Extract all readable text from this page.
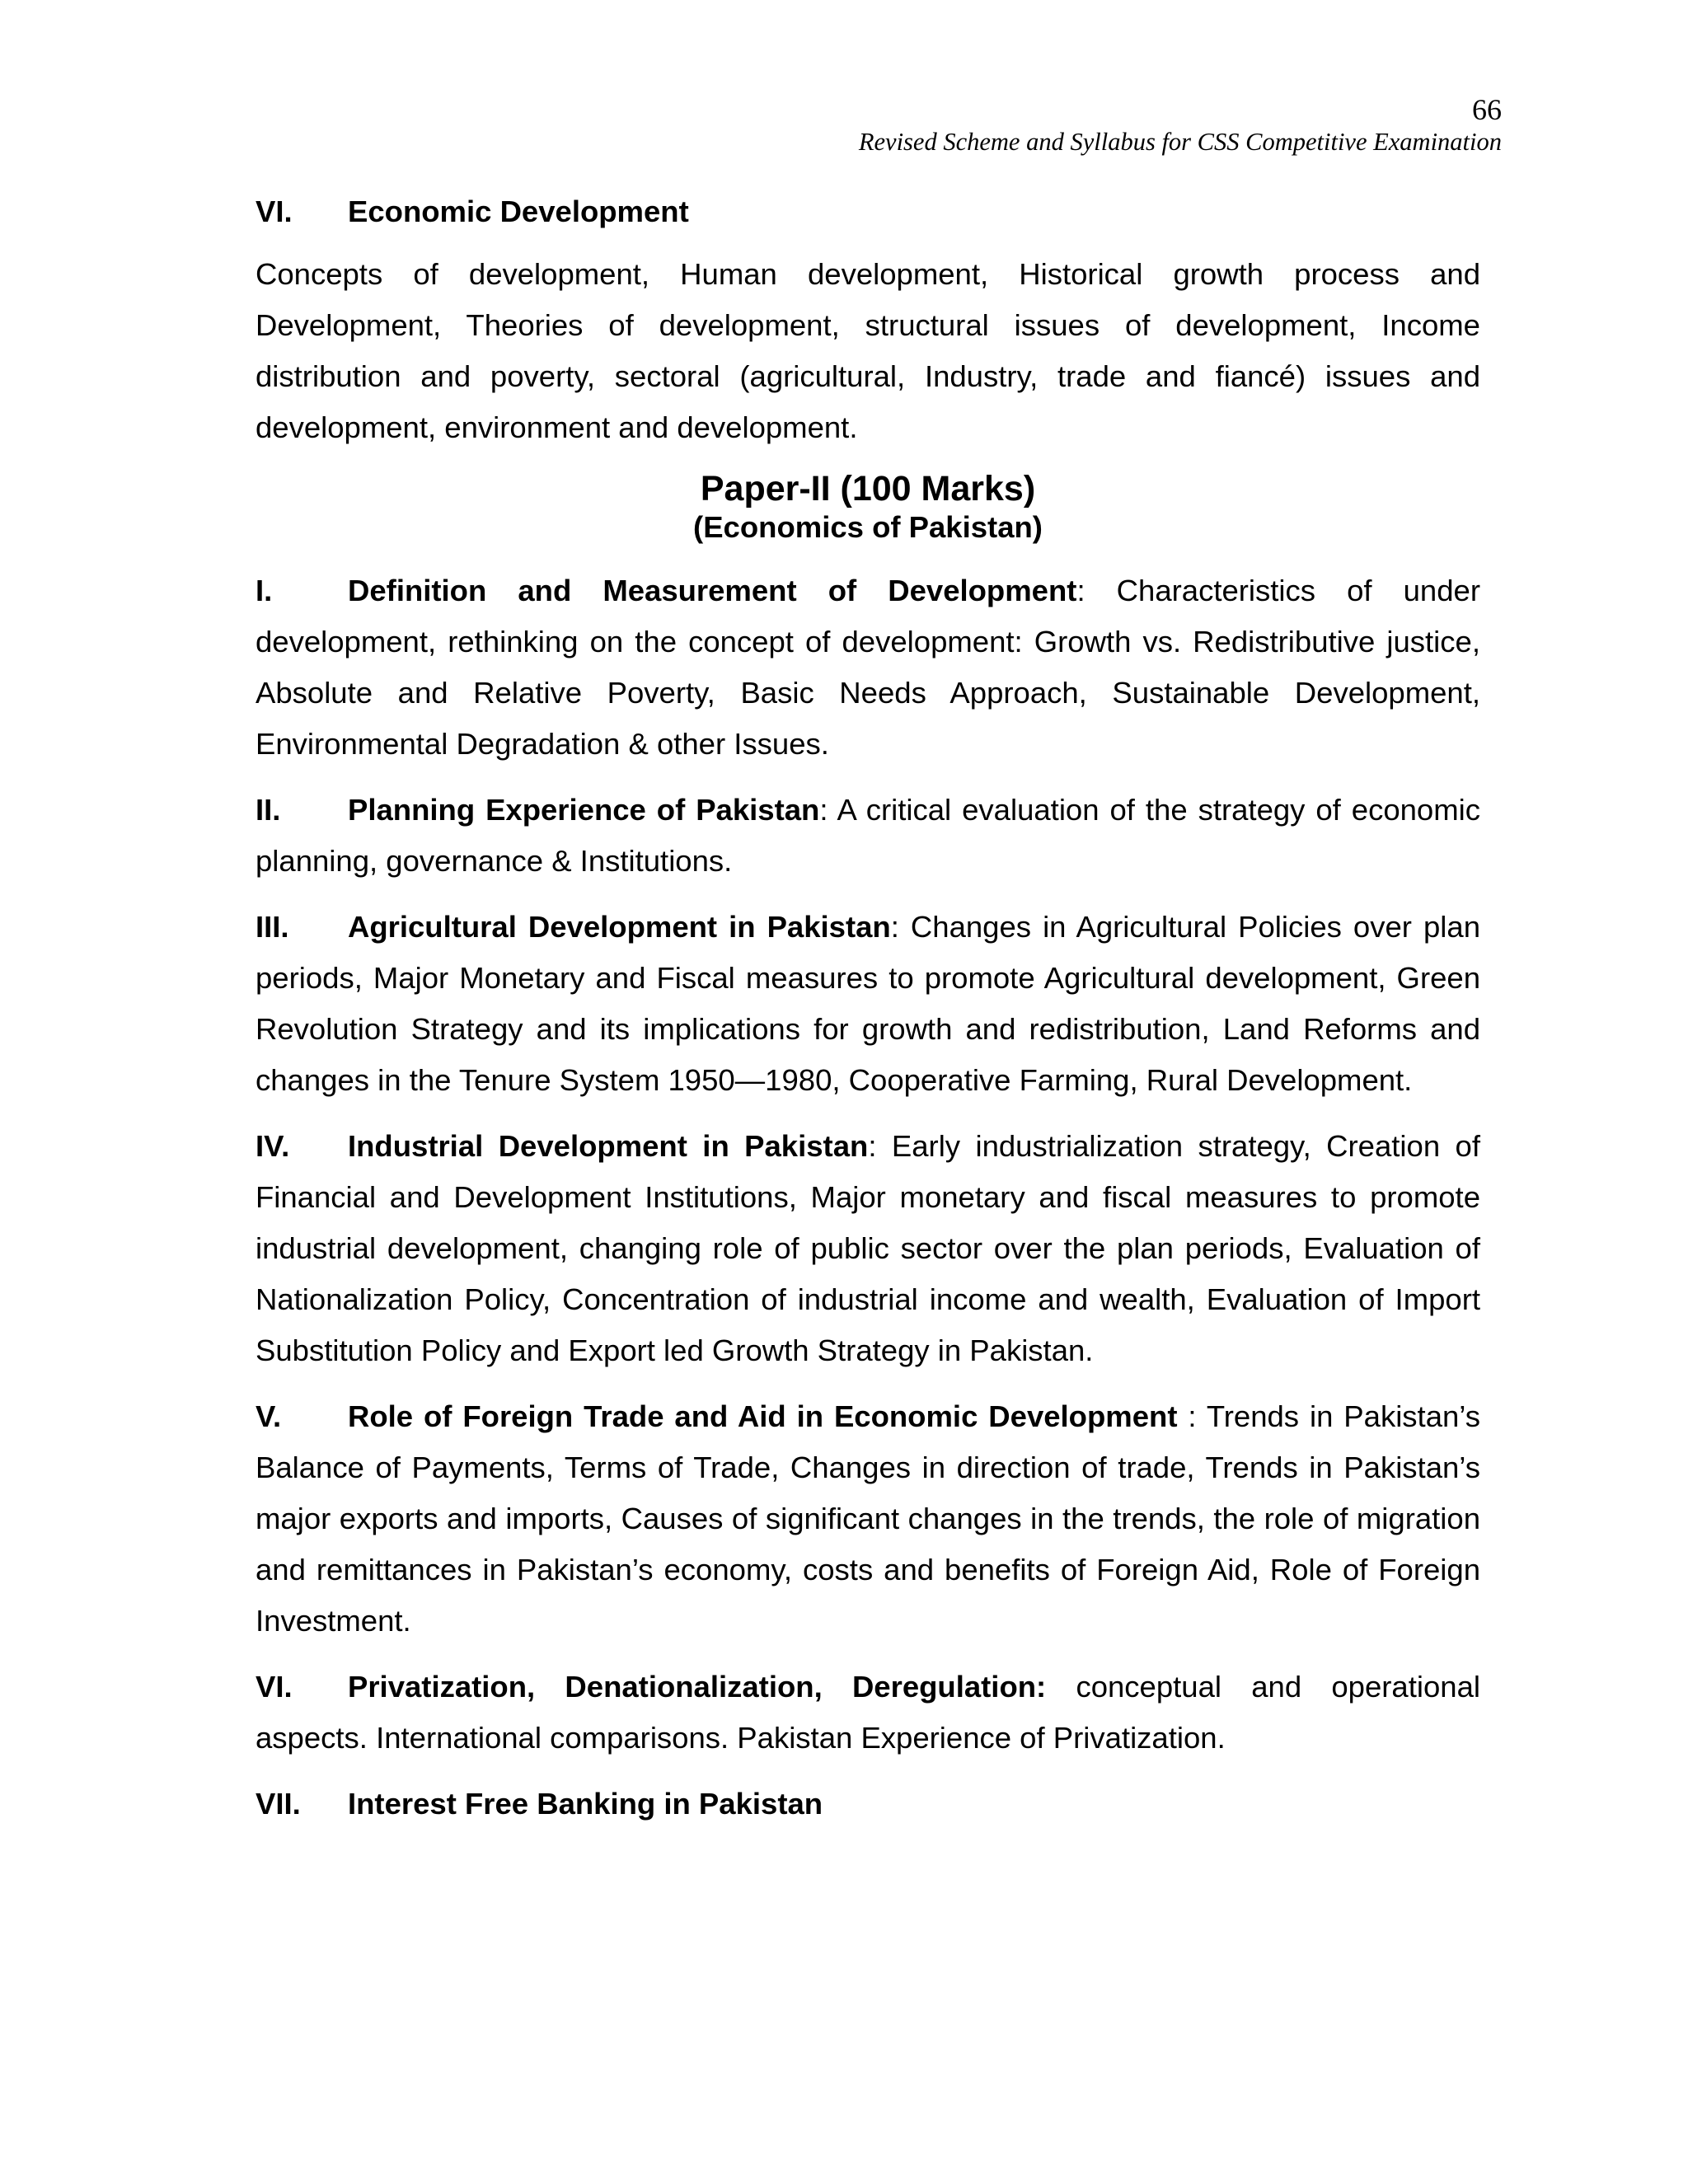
66
Revised Scheme and Syllabus for CSS Competitive Examination
VI.	Economic Development

Concepts of development, Human development, Historical growth process and Development, Theories of development, structural issues of development, Income distribution and poverty, sectoral (agricultural, Industry, trade and fiancé) issues and development, environment and development.

Paper-II (100 Marks)
(Economics of Pakistan)

I.	Definition and Measurement of Development: Characteristics of under development, rethinking on the concept of development: Growth vs. Redistributive justice, Absolute and Relative Poverty, Basic Needs Approach, Sustainable Development, Environmental Degradation & other Issues.

II. Planning Experience of Pakistan: A critical evaluation of the strategy of economic planning, governance & Institutions.

III. Agricultural Development in Pakistan: Changes in Agricultural Policies over plan periods, Major Monetary and Fiscal measures to promote Agricultural development, Green Revolution Strategy and its implications for growth and redistribution, Land Reforms and changes in the Tenure System 1950—1980, Cooperative Farming, Rural Development.

IV. Industrial Development in Pakistan: Early industrialization strategy, Creation of Financial and Development Institutions, Major monetary and fiscal measures to promote industrial development, changing role of public sector over the plan periods, Evaluation of Nationalization Policy, Concentration of industrial income and wealth, Evaluation of Import Substitution Policy and Export led Growth Strategy in Pakistan.

V. Role of Foreign Trade and Aid in Economic Development : Trends in Pakistan’s Balance of Payments, Terms of Trade, Changes in direction of trade, Trends in Pakistan’s major exports and imports, Causes of significant changes in the trends, the role of migration and remittances in Pakistan’s economy, costs and benefits of Foreign Aid, Role of Foreign Investment.

VI. Privatization, Denationalization, Deregulation: conceptual and operational aspects. International comparisons. Pakistan Experience of Privatization.

VII. Interest Free Banking in Pakistan
